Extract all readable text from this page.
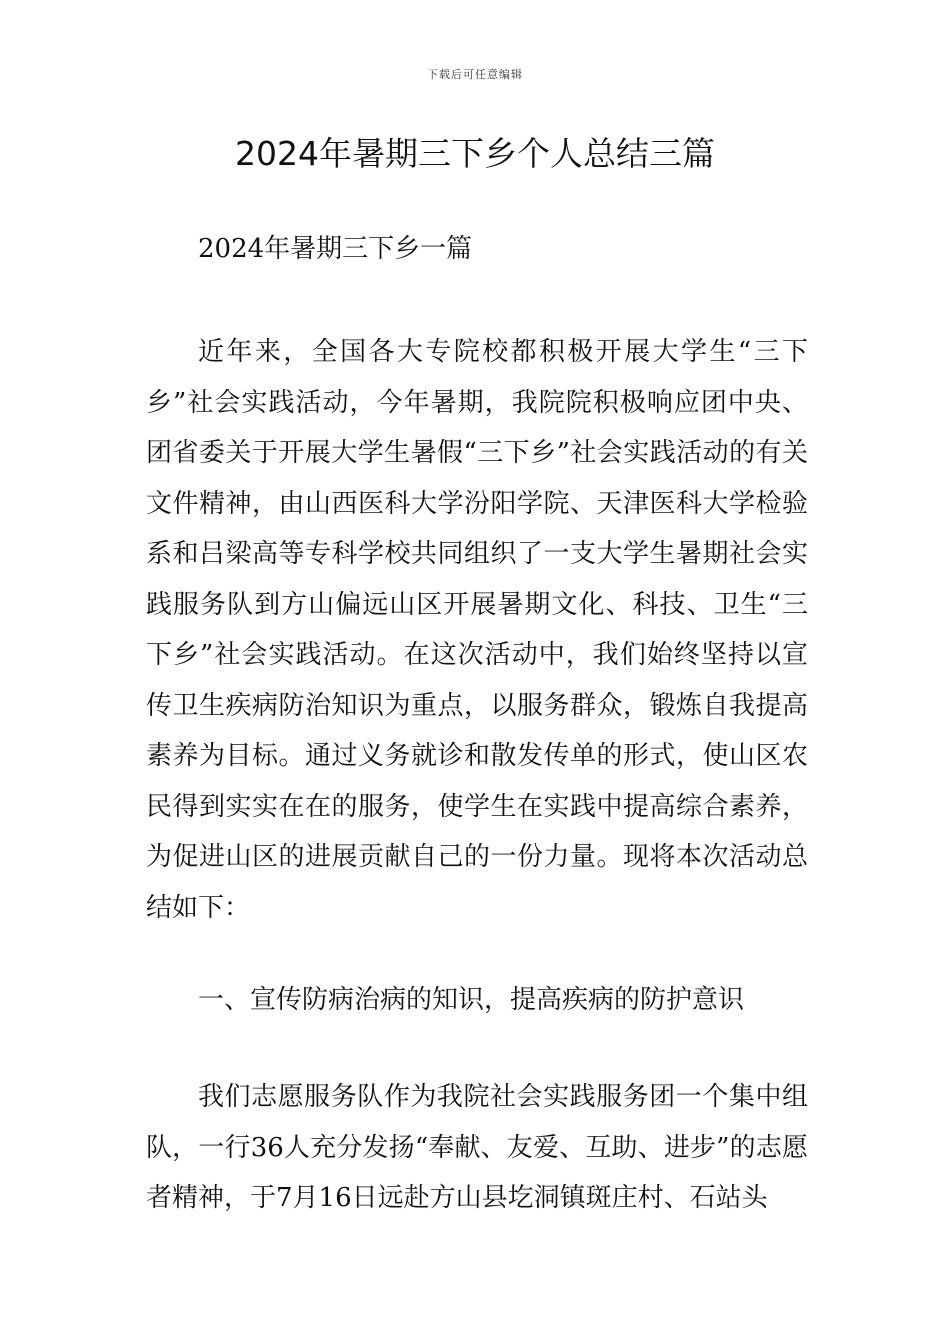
下载后可任意编辑
2024年暑期三下乡个人总结三篇

2024年暑期三下乡一篇

近年来，全国各大专院校都积极开展大学生“三下乡”社会实践活动，今年暑期，我院院积极响应团中央、团省委关于开展大学生暑假“三下乡”社会实践活动的有关文件精神，由山西医科大学汾阳学院、天津医科大学检验系和吕梁高等专科学校共同组织了一支大学生暑期社会实践服务队到方山偏远山区开展暑期文化、科技、卫生“三下乡”社会实践活动。在这次活动中，我们始终坚持以宣传卫生疾病防治知识为重点，以服务群众，锻炼自我提高素养为目标。通过义务就诊和散发传单的形式，使山区农民得到实实在在的服务，使学生在实践中提高综合素养，为促进山区的进展贡献自己的一份力量。现将本次活动总结如下：

一、宣传防病治病的知识，提高疾病的防护意识

我们志愿服务队作为我院社会实践服务团一个集中组队，一行36人充分发扬“奉献、友爱、互助、进步”的志愿者精神，于7月16日远赴方山县圪洞镇斑庄村、石站头
